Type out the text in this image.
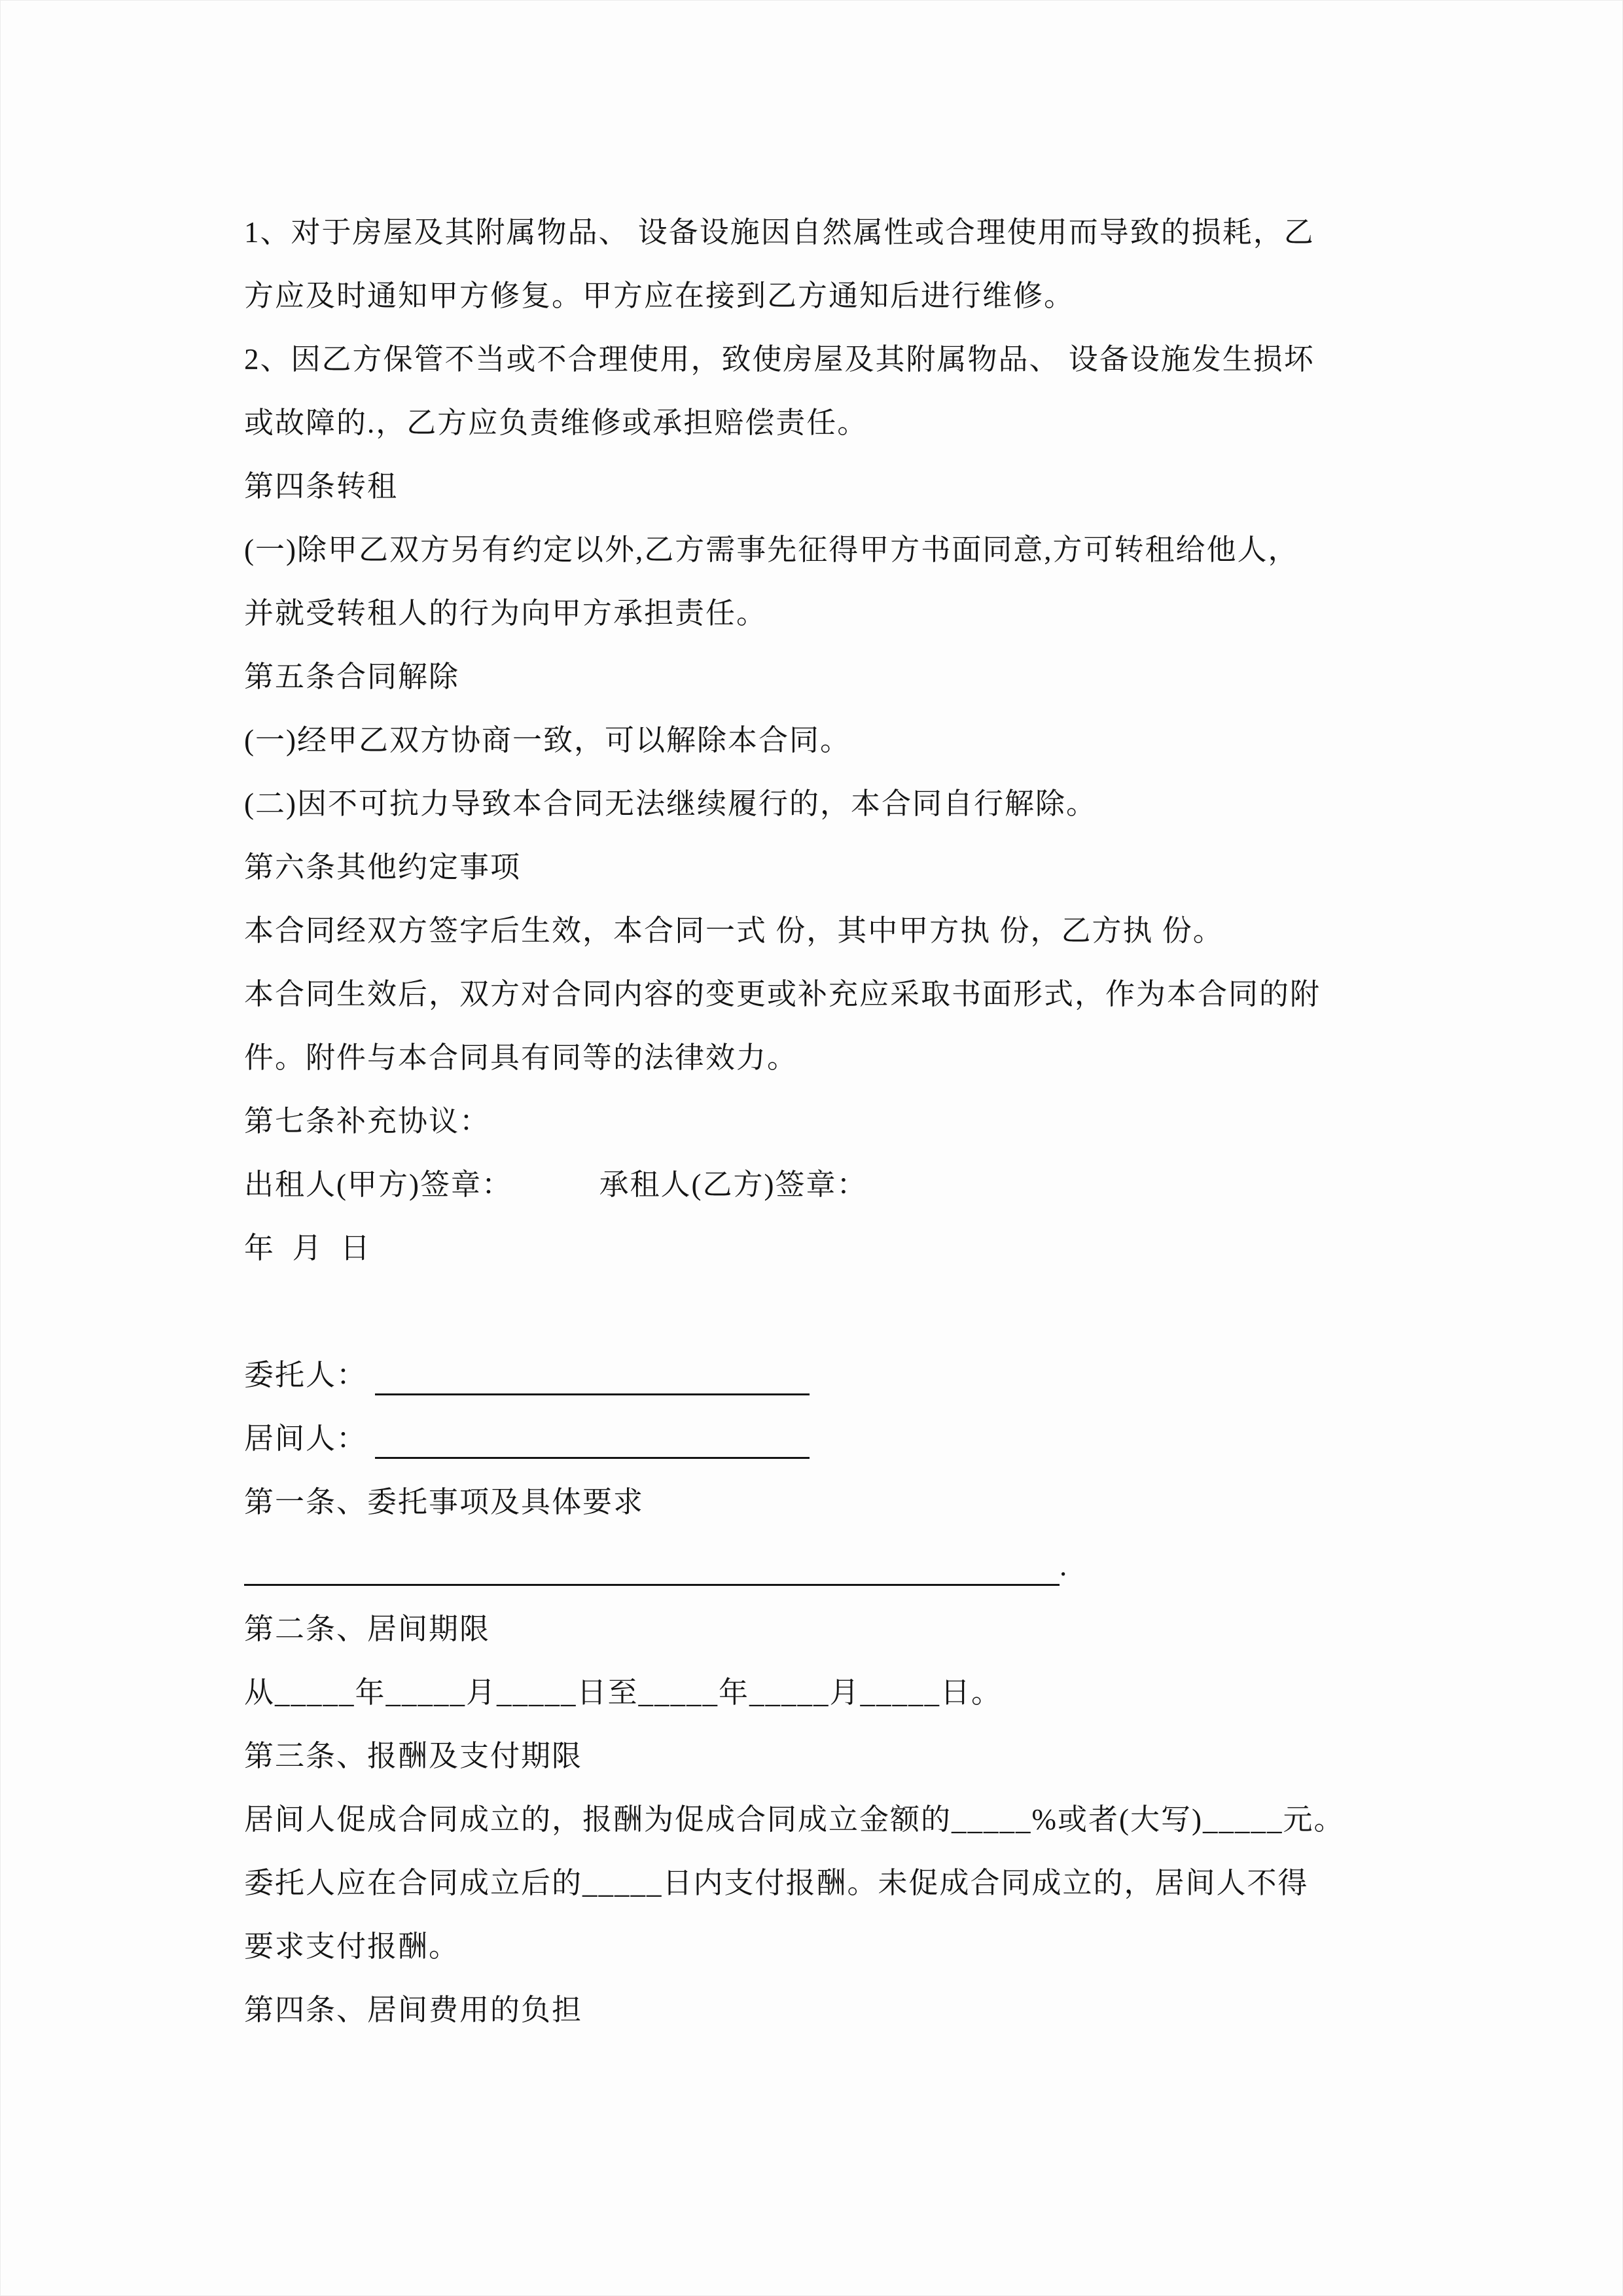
1、对于房屋及其附属物品、 设备设施因自然属性或合理使用而导致的损耗，乙

方应及时通知甲方修复。甲方应在接到乙方通知后进行维修。

2、因乙方保管不当或不合理使用，致使房屋及其附属物品、 设备设施发生损坏

或故障的.，乙方应负责维修或承担赔偿责任。

第四条转租

(一)除甲乙双方另有约定以外,乙方需事先征得甲方书面同意,方可转租给他人，

并就受转租人的行为向甲方承担责任。

第五条合同解除

(一)经甲乙双方协商一致，可以解除本合同。

(二)因不可抗力导致本合同无法继续履行的，本合同自行解除。

第六条其他约定事项

本合同经双方签字后生效，本合同一式 份，其中甲方执 份，乙方执 份。

本合同生效后，双方对合同内容的变更或补充应采取书面形式，作为本合同的附

件。附件与本合同具有同等的法律效力。

第七条补充协议：

出租人(甲方)签章：          承租人(乙方)签章：

年  月  日

委托人：

居间人：

第一条、委托事项及具体要求

.

第二条、居间期限

从_____年_____月_____日至_____年_____月_____日。

第三条、报酬及支付期限

居间人促成合同成立的，报酬为促成合同成立金额的_____%或者(大写)_____元。

委托人应在合同成立后的_____日内支付报酬。未促成合同成立的，居间人不得

要求支付报酬。

第四条、居间费用的负担
